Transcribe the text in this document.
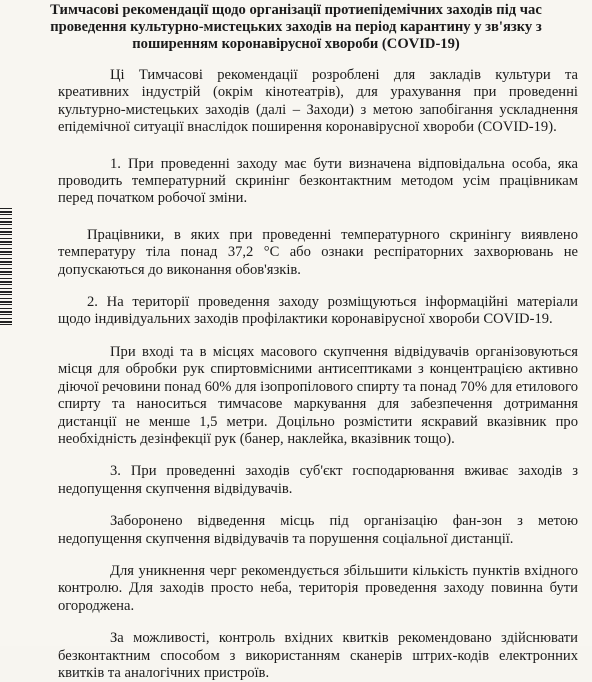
Тимчасові рекомендації щодо організації протиепідемічних заходів під час проведення культурно-мистецьких заходів на період карантину у зв'язку з поширенням коронавірусної хвороби (COVID-19)

Ці Тимчасові рекомендації розроблені для закладів культури та креативних індустрій (окрім кінотеатрів), для урахування при проведенні культурно-мистецьких заходів (далі – Заходи) з метою запобігання ускладнення епідемічної ситуації внаслідок поширення коронавірусної хвороби (COVID-19).

1. При проведенні заходу має бути визначена відповідальна особа, яка проводить температурний скринінг безконтактним методом усім працівникам перед початком робочої зміни.

Працівники, в яких при проведенні температурного скринінгу виявлено температуру тіла понад 37,2 °С або ознаки респіраторних захворювань не допускаються до виконання обов'язків.

2. На території проведення заходу розміщуються інформаційні матеріали щодо індивідуальних заходів профілактики коронавірусної хвороби COVID-19.

При вході та в місцях масового скупчення відвідувачів організовуються місця для обробки рук спиртовмісними антисептиками з концентрацією активно діючої речовини понад 60% для ізопропілового спирту та понад 70% для етилового спирту та наноситься тимчасове маркування для забезпечення дотримання дистанції не менше 1,5 метри. Доцільно розмістити яскравий вказівник про необхідність дезінфекції рук (банер, наклейка, вказівник тощо).

3. При проведенні заходів суб'єкт господарювання вживає заходів з недопущення скупчення відвідувачів.

Заборонено відведення місць під організацію фан-зон з метою недопущення скупчення відвідувачів та порушення соціальної дистанції.

Для уникнення черг рекомендується збільшити кількість пунктів вхідного контролю. Для заходів просто неба, територія проведення заходу повинна бути огороджена.

За можливості, контроль вхідних квитків рекомендовано здійснювати безконтактним способом з використанням сканерів штрих-кодів електронних квитків та аналогічних пристроїв.
